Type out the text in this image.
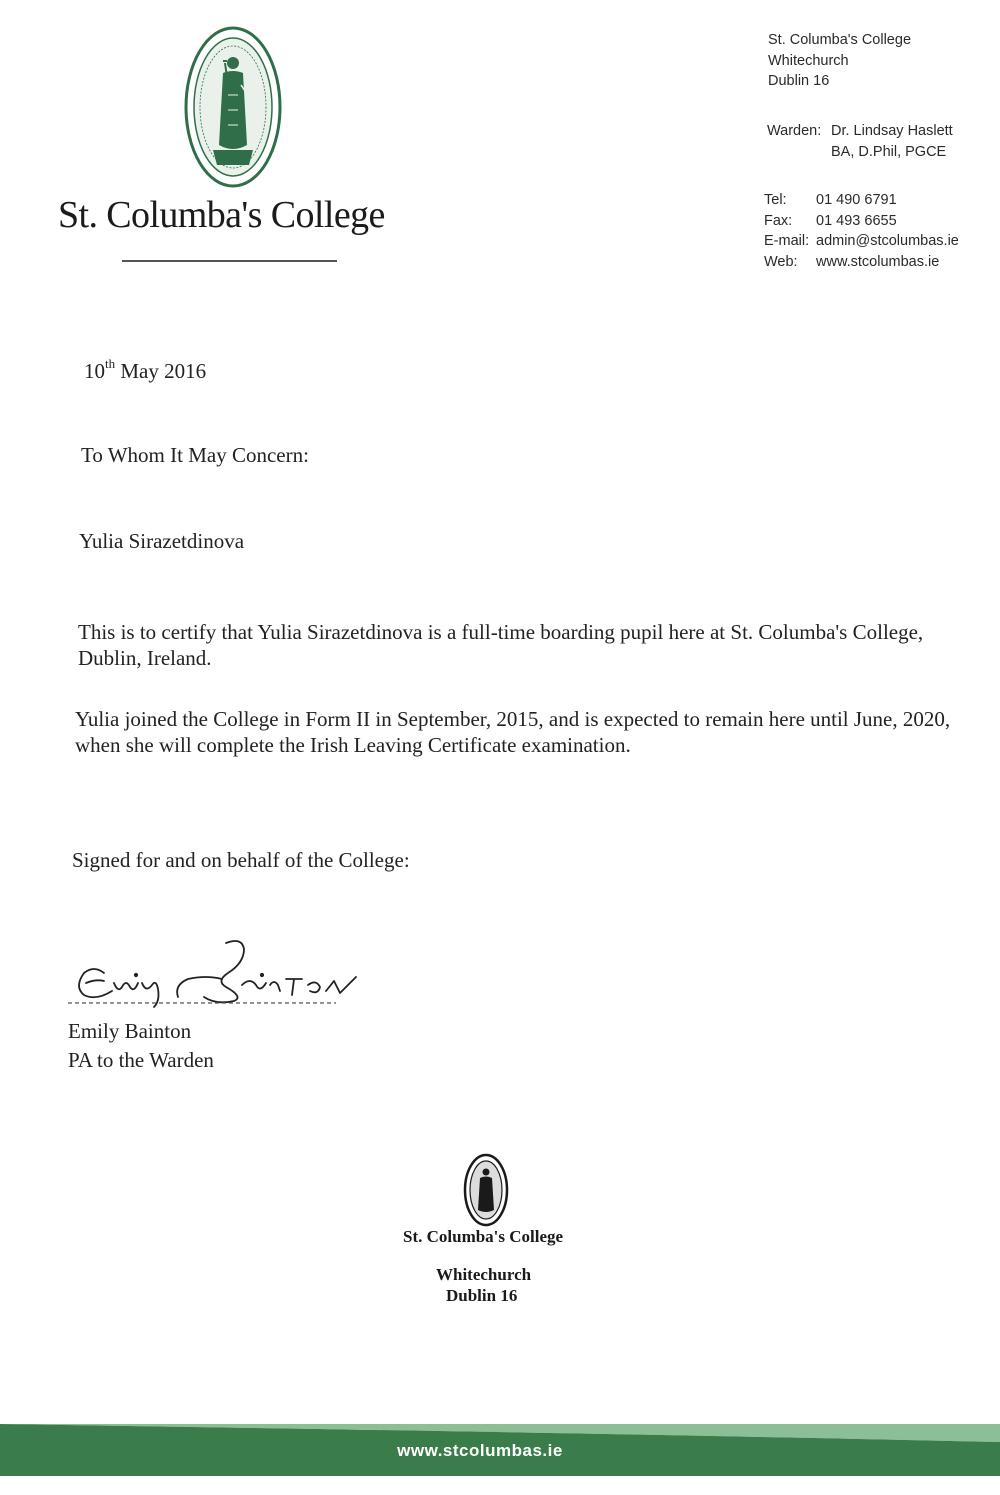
St. Columba's College
St. Columba's College
Whitechurch
Dublin 16
Warden: Dr. Lindsay Haslett
BA, D.Phil, PGCE
Tel:	01 490 6791
Fax:	01 493 6655
E-mail: admin@stcolumbas.ie
Web:	www.stcolumbas.ie
10th May 2016
To Whom It May Concern:
Yulia Sirazetdinova
This is to certify that Yulia Sirazetdinova is a full-time boarding pupil here at St. Columba's College, Dublin, Ireland.
Yulia joined the College in Form II in September, 2015, and is expected to remain here until June, 2020, when she will complete the Irish Leaving Certificate examination.
Signed for and on behalf of the College:
Emily Bainton
PA to the Warden
St. Columba's College
Whitechurch
Dublin 16
www.stcolumbas.ie
